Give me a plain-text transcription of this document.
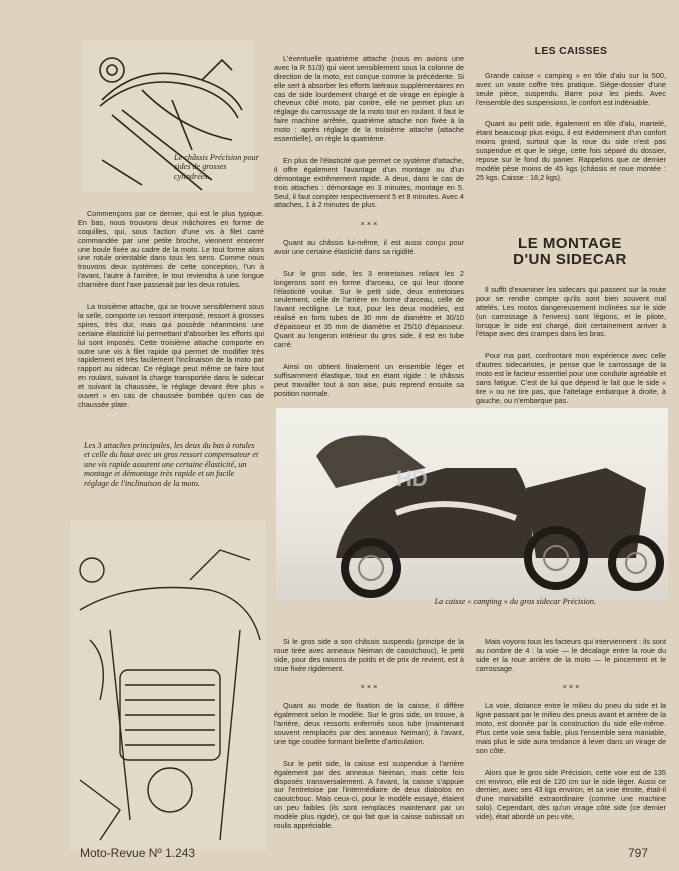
Le châssis Précision pour sides de grosses cylindrées.

Commençons par ce dernier, qui est le plus typique. En bas, nous trouvons deux mâchoires en forme de coquilles, qui, sous l'action d'une vis à filet carré commandée par une petite broche, viennent enserrer une boule fixée au cadre de la moto. Le tout forme alors une rotule orientable dans tous les sens. Comme nous trouvons deux systèmes de cette conception, l'un à l'avant, l'autre à l'arrière, le tout reviendra à une longue charnière dont l'axe passerait par les deux rotules.

La troisième attache, qui se trouve sensiblement sous la selle, comporte un ressort interposé, ressort à grosses spires, très dur, mais qui possède néanmoins une certaine élasticité lui permettant d'absorber les efforts qui lui sont imposés. Cette troisième attache comporte en outre une vis à filet rapide qui permet de modifier très rapidement et très facilement l'inclinaison de la moto par rapport au sidecar. Ce réglage peut même se faire tout en roulant, suivant la charge transportée dans le sidecar et suivant la chaussée, le réglage devant être plus « ouvert » en cas de chaussée bombée qu'en cas de chaussée plate.

Les 3 attaches principales, les deux du bas à rotules et celle du haut avec un gros ressort compensateur et une vis rapide assurent une certaine élasticité, un montage et démontage très rapide et un facile réglage de l'inclinaison de la moto.

L'éventuelle quatrième attache (nous en avions une avec la R 51/3) qui vient sensiblement sous la colonne de direction de la moto, est conçue comme la précédente. Si elle sert à absorber les efforts latéraux supplémentaires en cas de side lourdement chargé et de virage en épingle à cheveux côté moto, par contre, elle ne permet plus un réglage du carrossage de la moto tout en roulant. Il faut le faire machine arrêtée, quatrième attache non fixée à la moto : après réglage de la troisième attache (attache essentielle), on règle la quatrième.

En plus de l'élasticité que permet ce système d'attache, il offre également l'avantage d'un montage ou d'un démontage extrêmement rapide. A deux, dans le cas de trois attaches : démontage en 3 minutes, montage en 5. Seul, il faut compter respectivement 5 et 8 minutes. Avec 4 attaches, 1 à 2 minutes de plus.

× × ×

Quant au châssis lui-même, il est aussi conçu pour avoir une certaine élasticité dans sa rigidité.

Sur le gros side, les 3 entretoises reliant les 2 longerons sont en forme d'arceau, ce qui leur donne l'élasticité voulue. Sur le petit side, deux entretoises seulement, celle de l'arrière en forme d'arceau, celle de l'avant rectiligne. Le tout, pour les deux modèles, est réalisé en forts tubes de 30 mm de diamètre et 30/10 d'épaisseur et 35 mm de diamètre et 25/10 d'épaisseur. Quant au longeron intérieur du gros side, il est en tube carré.

Ainsi on obtient finalement un ensemble léger et suffisamment élastique, tout en étant rigide : le châssis peut travailler tout à son aise, puis reprend ensuite sa position normale.

LES CAISSES

Grande caisse « camping » en tôle d'alu sur la 500, avec un vaste coffre très pratique. Siège-dossier d'une seule pièce, suspendu. Barre pour les pieds. Avec l'ensemble des suspensions, le confort est indéniable.

Quant au petit side, également en tôle d'alu, martelé, étant beaucoup plus exigu, il est évidemment d'un confort moins grand, surtout que la roue du side n'est pas suspendue et que le siège, cette fois séparé du dossier, repose sur le fond du panier. Rappelons que ce dernier modèle pèse moins de 45 kgs (châssis et roue montée : 25 kgs. Caisse : 18,2 kgs).

LE MONTAGE D'UN SIDECAR

Il suffit d'examiner les sidecars qui passent sur la route pour se rendre compte qu'ils sont bien souvent mal attelés. Les motos dangereusement inclinées sur le side (un carrossage à l'envers) sont légions, et le pilote, lorsque le side est chargé, doit certainement arriver à l'étape avec des crampes dans les bras.

Pour ma part, confrontant mon expérience avec celle d'autres sidecaristes, je pense que le carrossage de la moto est le facteur essentiel pour une conduite agréable et sans fatigue. C'est de lui que dépend le fait que le side « tire » ou ne tire pas, que l'attelage embarque à droite, à gauche, ou n'embarque pas.

HD
La caisse « camping » du gros sidecar Précision.

Si le gros side a son châssis suspendu (principe de la roue tirée avec anneaux Neiman de caoutchouc), le petit side, pour des raisons de poids et de prix de revient, est à roue fixée rigidement.

× × ×

Quant au mode de fixation de la caisse, il diffère également selon le modèle. Sur le gros side, on trouve, à l'arrière, deux ressorts enfermés sous tube (maintenant souvent remplacés par des anneaux Neiman); à l'avant, une tige coudée formant biellette d'articulation.

Sur le petit side, la caisse est suspendue à l'arrière également par des anneaux Neiman, mais cette fois disposés transversalement. A l'avant, la caisse s'appuie sur l'entretoise par l'intermédiaire de deux diabolos en caoutchouc. Mais ceux-ci, pour le modèle essayé, étaient un peu faibles (ils sont remplacés maintenant par un modèle plus rigide), ce qui fait que la caisse subissait un roulis appréciable.

Mais voyons tous les facteurs qui interviennent : ils sont au nombre de 4 : la voie — le décalage entre la roue du side et la roue arrière de la moto — le pincement et le carrossage.

× × ×

La voie, distance entre le milieu du pneu du side et la ligne passant par le milieu des pneus avant et arrière de la moto, est donnée par la construction du side elle-même. Plus cette voie sera faible, plus l'ensemble sera maniable, mais plus le side aura tendance à lever dans un virage de son côté.

Alors que le gros side Précision, cette voie est de 135 cm environ, elle est de 120 cm sur le side léger. Aussi ce dernier, avec ses 43 kgs environ, et sa voie étroite, était-il d'une maniabilité extraordinaire (comme une machine solo). Cependant, dès qu'un virage côté side (ce dernier vide), était abordé un peu vite,

Moto-Revue Nº 1.243	797
